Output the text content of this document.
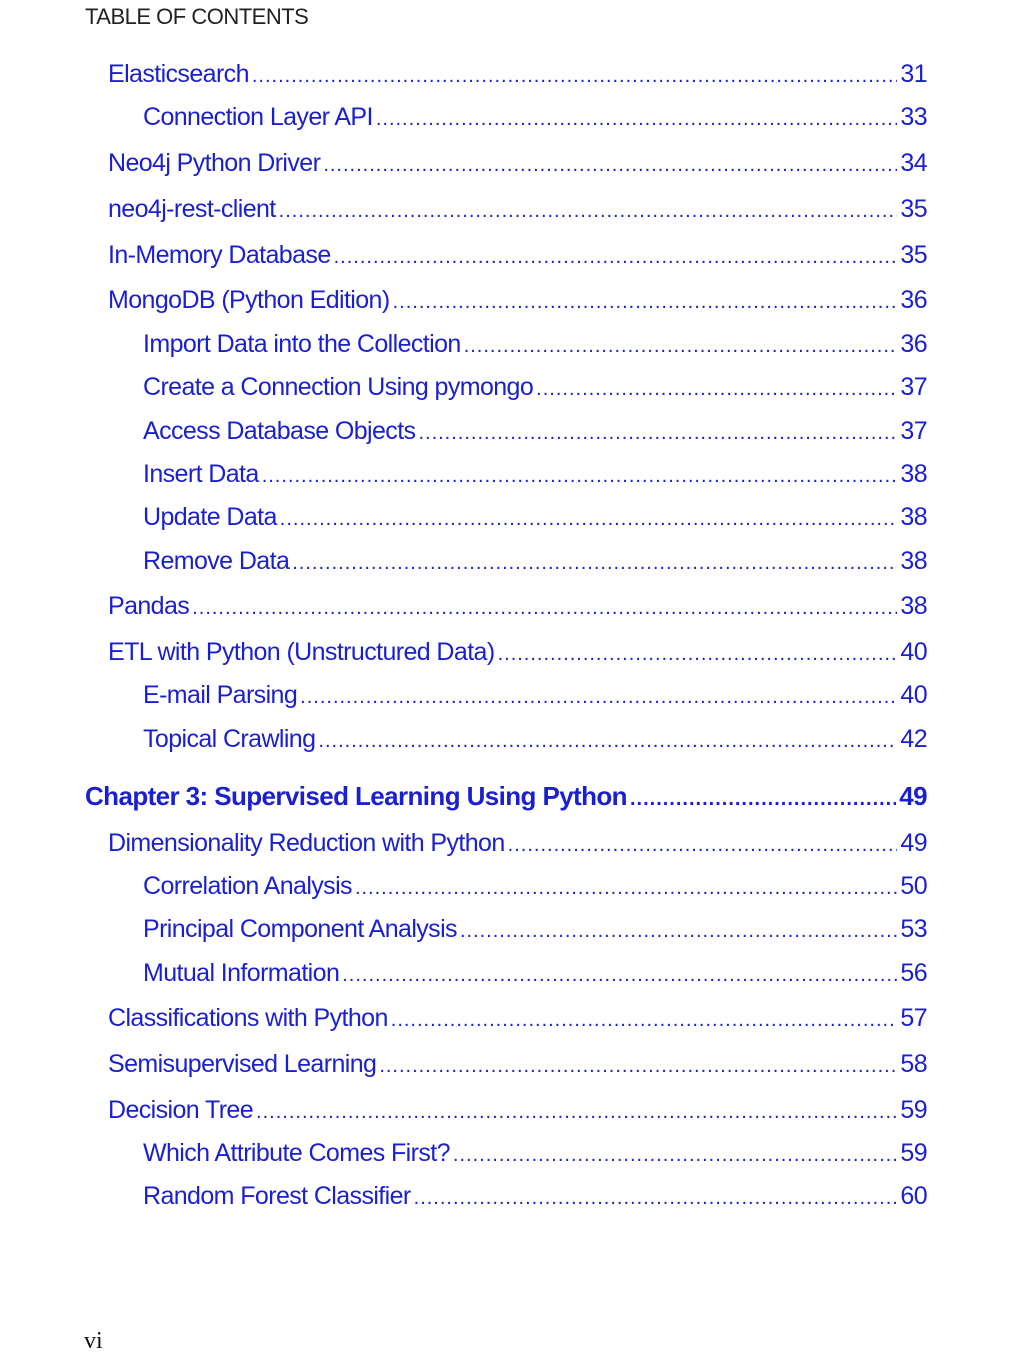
TABLE OF CONTENTS
Elasticsearch .....	31
Connection Layer API .....	33
Neo4j Python Driver .....	34
neo4j-rest-client .....	35
In-Memory Database .....	35
MongoDB (Python Edition) .....	36
Import Data into the Collection .....	36
Create a Connection Using pymongo .....	37
Access Database Objects .....	37
Insert Data .....	38
Update Data .....	38
Remove Data .....	38
Pandas .....	38
ETL with Python (Unstructured Data) .....	40
E-mail Parsing .....	40
Topical Crawling .....	42
Chapter 3: Supervised Learning Using Python .....	49
Dimensionality Reduction with Python .....	49
Correlation Analysis .....	50
Principal Component Analysis .....	53
Mutual Information .....	56
Classifications with Python .....	57
Semisupervised Learning .....	58
Decision Tree .....	59
Which Attribute Comes First? .....	59
Random Forest Classifier .....	60
vi
